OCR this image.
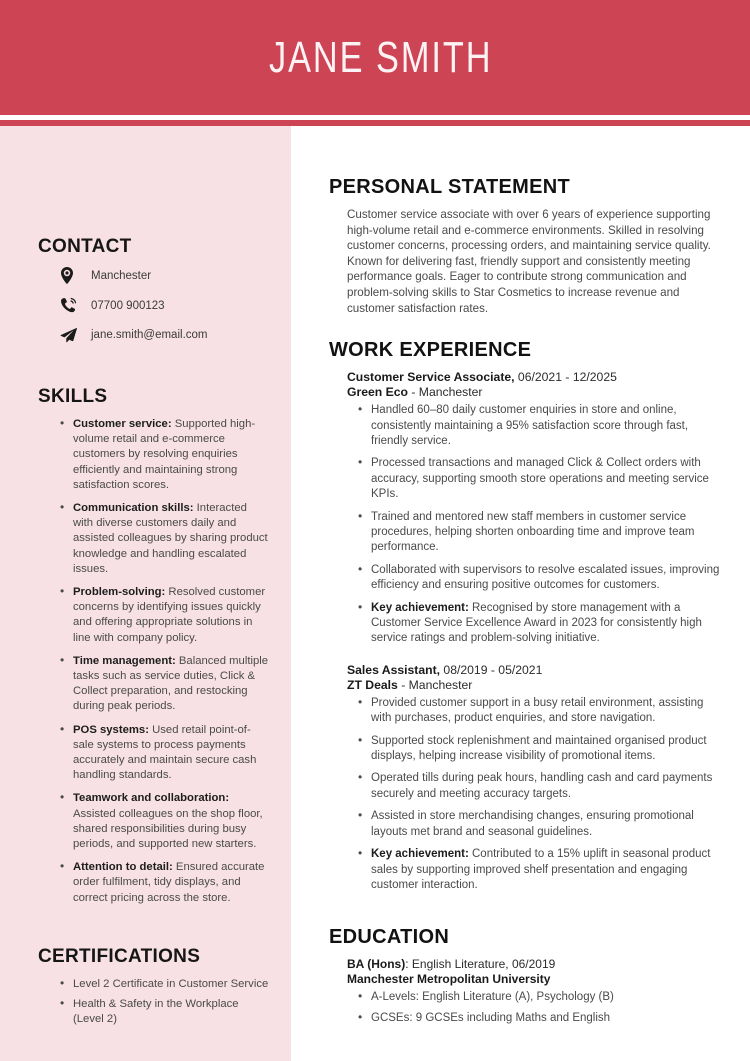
JANE SMITH
CONTACT
Manchester
07700 900123
jane.smith@email.com
SKILLS
• Customer service: Supported high-volume retail and e-commerce customers by resolving enquiries efficiently and maintaining strong satisfaction scores.
• Communication skills: Interacted with diverse customers daily and assisted colleagues by sharing product knowledge and handling escalated issues.
• Problem-solving: Resolved customer concerns by identifying issues quickly and offering appropriate solutions in line with company policy.
• Time management: Balanced multiple tasks such as service duties, Click & Collect preparation, and restocking during peak periods.
• POS systems: Used retail point-of-sale systems to process payments accurately and maintain secure cash handling standards.
• Teamwork and collaboration: Assisted colleagues on the shop floor, shared responsibilities during busy periods, and supported new starters.
• Attention to detail: Ensured accurate order fulfilment, tidy displays, and correct pricing across the store.
CERTIFICATIONS
• Level 2 Certificate in Customer Service
• Health & Safety in the Workplace (Level 2)
PERSONAL STATEMENT

Customer service associate with over 6 years of experience supporting high-volume retail and e-commerce environments. Skilled in resolving customer concerns, processing orders, and maintaining service quality. Known for delivering fast, friendly support and consistently meeting performance goals. Eager to contribute strong communication and problem-solving skills to Star Cosmetics to increase revenue and customer satisfaction rates.

WORK EXPERIENCE
Customer Service Associate, 06/2021 - 12/2025
Green Eco - Manchester
• Handled 60–80 daily customer enquiries in store and online, consistently maintaining a 95% satisfaction score through fast, friendly service.
• Processed transactions and managed Click & Collect orders with accuracy, supporting smooth store operations and meeting service KPIs.
• Trained and mentored new staff members in customer service procedures, helping shorten onboarding time and improve team performance.
• Collaborated with supervisors to resolve escalated issues, improving efficiency and ensuring positive outcomes for customers.
• Key achievement: Recognised by store management with a Customer Service Excellence Award in 2023 for consistently high service ratings and problem-solving initiative.
Sales Assistant, 08/2019 - 05/2021
ZT Deals - Manchester
• Provided customer support in a busy retail environment, assisting with purchases, product enquiries, and store navigation.
• Supported stock replenishment and maintained organised product displays, helping increase visibility of promotional items.
• Operated tills during peak hours, handling cash and card payments securely and meeting accuracy targets.
• Assisted in store merchandising changes, ensuring promotional layouts met brand and seasonal guidelines.
• Key achievement: Contributed to a 15% uplift in seasonal product sales by supporting improved shelf presentation and engaging customer interaction.
EDUCATION
BA (Hons): English Literature, 06/2019
Manchester Metropolitan University
• A-Levels: English Literature (A), Psychology (B)
• GCSEs: 9 GCSEs including Maths and English
